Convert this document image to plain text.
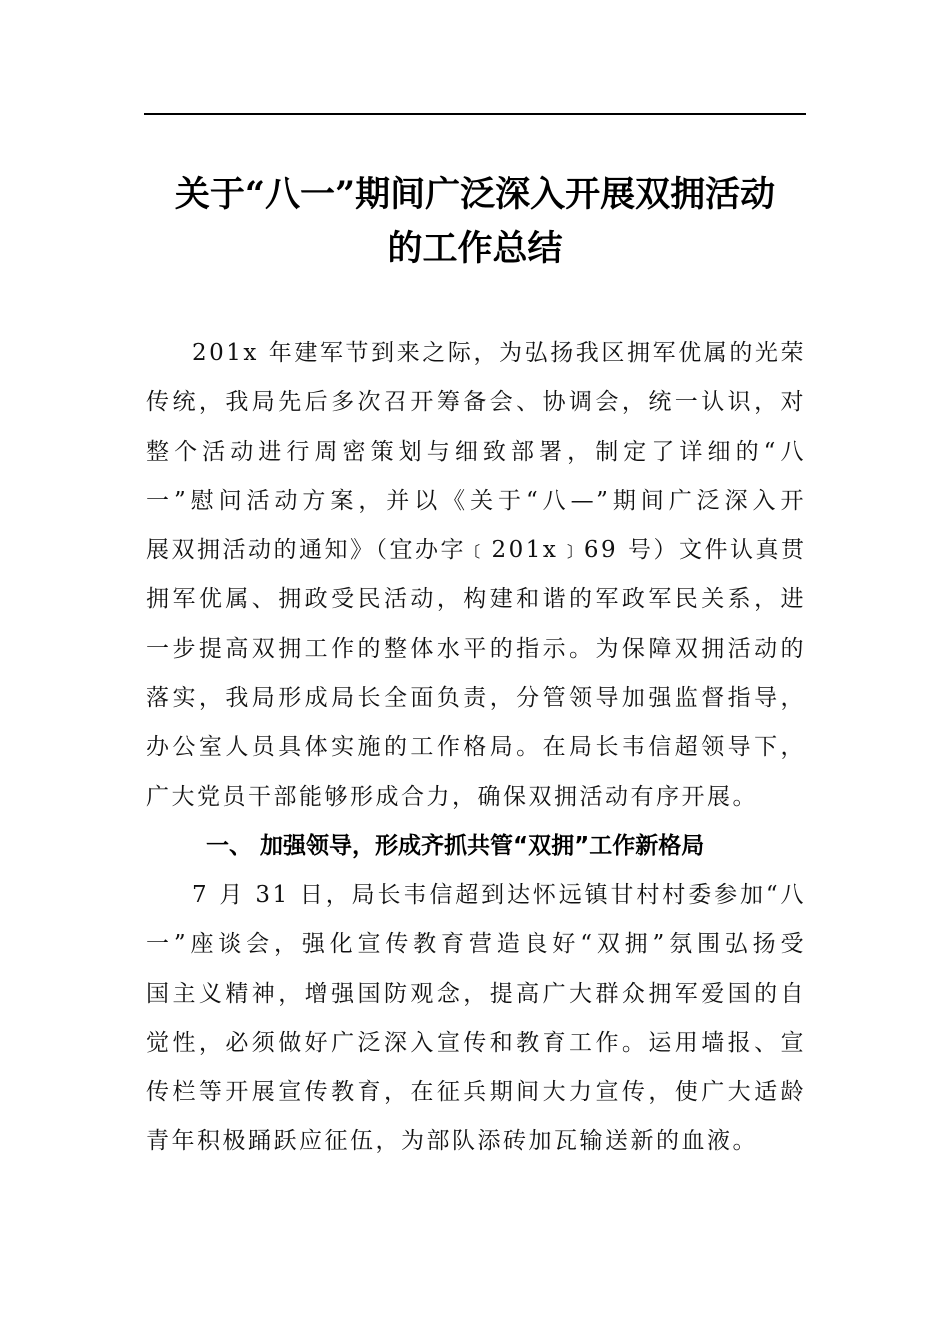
关于“八一”期间广泛深入开展双拥活动
的工作总结

201x 年建军节到来之际，为弘扬我区拥军优属的光荣
传统，我局先后多次召开筹备会、协调会，统一认识，对
整个活动进行周密策划与细致部署，制定了详细的“八
一”慰问活动方案，并以《关于“八—”期间广泛深入开
展双拥活动的通知》（宜办字﹝201x﹞69 号）文件认真贯
拥军优属、拥政受民活动，构建和谐的军政军民关系，进
一步提高双拥工作的整体水平的指示。为保障双拥活动的
落实，我局形成局长全面负责，分管领导加强监督指导，
办公室人员具体实施的工作格局。在局长韦信超领导下，
广大党员干部能够形成合力，确保双拥活动有序开展。

一、 加强领导，形成齐抓共管“双拥”工作新格局

7 月 31 日，局长韦信超到达怀远镇甘村村委参加“八
一”座谈会，强化宣传教育营造良好“双拥”氛围弘扬受
国主义精神，增强国防观念，提高广大群众拥军爱国的自
觉性，必须做好广泛深入宣传和教育工作。运用墙报、宣
传栏等开展宣传教育，在征兵期间大力宣传，使广大适龄
青年积极踊跃应征伍，为部队添砖加瓦输送新的血液。
